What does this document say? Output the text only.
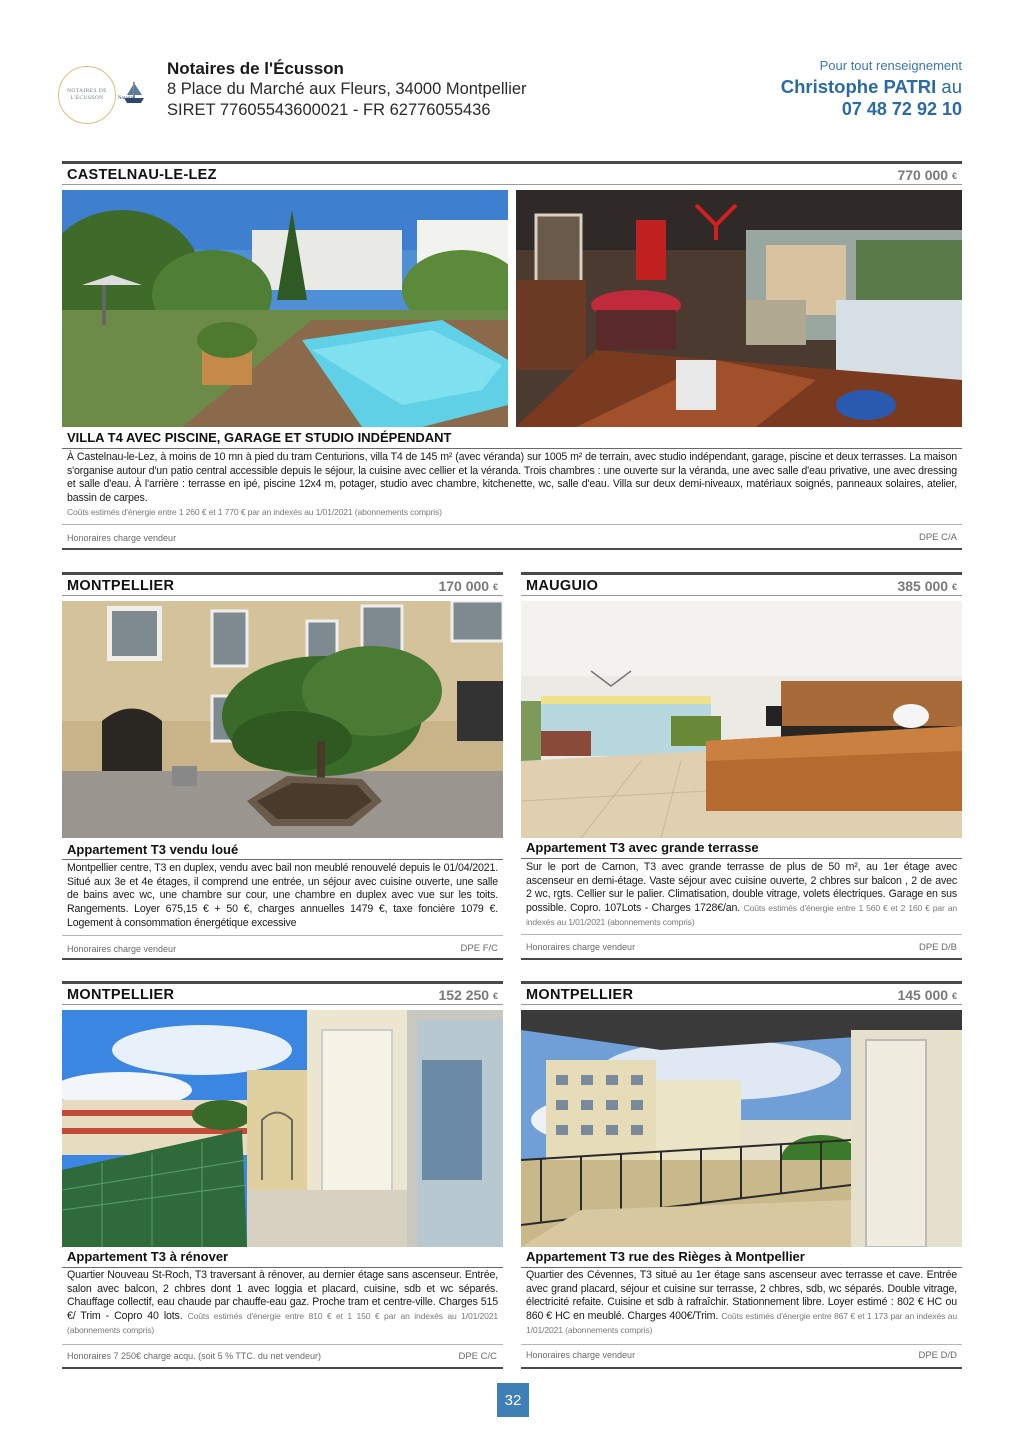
NOTAIRES DE L'ÉCUSSON	Notaires
Notaires de l'Écusson
8 Place du Marché aux Fleurs, 34000 Montpellier
SIRET 77605543600021 - FR 62776055436
Pour tout renseignement
Christophe PATRI au
07 48 72 92 10
CASTELNAU-LE-LEZ	770 000 €
VILLA T4 AVEC PISCINE, GARAGE ET STUDIO INDÉPENDANT
À Castelnau-le-Lez, à moins de 10 mn à pied du tram Centurions, villa T4 de 145 m² (avec véranda) sur 1005 m² de terrain, avec studio indépendant, garage, piscine et deux terrasses. La maison s'organise autour d'un patio central accessible depuis le séjour, la cuisine avec cellier et la véranda. Trois chambres : une ouverte sur la véranda, une avec salle d'eau privative, une avec dressing et salle d'eau. À l'arrière : terrasse en ipé, piscine 12x4 m, potager, studio avec chambre, kitchenette, wc, salle d'eau. Villa sur deux demi-niveaux, matériaux soignés, panneaux solaires, atelier, bassin de carpes.
Coûts estimés d'énergie entre 1 260 € et 1 770 € par an indexés au 1/01/2021 (abonnements compris)
Honoraires charge vendeur	DPE C/A
MONTPELLIER	170 000 €
Appartement T3 vendu loué
Montpellier centre, T3 en duplex, vendu avec bail non meublé renouvelé depuis le 01/04/2021. Situé aux 3e et 4e étages, il comprend une entrée, un séjour avec cuisine ouverte, une salle de bains avec wc, une chambre sur cour, une chambre en duplex avec vue sur les toits. Rangements. Loyer 675,15 € + 50 €, charges annuelles 1479 €, taxe foncière 1079 €. Logement à consommation énergétique excessive
Honoraires charge vendeur	DPE F/C
MAUGUIO	385 000 €
Appartement T3 avec grande terrasse
Sur le port de Carnon, T3 avec grande terrasse de plus de 50 m², au 1er étage avec ascenseur en demi-étage. Vaste séjour avec cuisine ouverte, 2 chbres sur balcon , 2 de avec 2 wc, rgts. Cellier sur le palier. Climatisation, double vitrage, volets électriques. Garage en sus possible. Copro. 107Lots - Charges 1728€/an. Coûts estimés d'énergie entre 1 560 € et 2 160 € par an indexés au 1/01/2021 (abonnements compris)
Honoraires charge vendeur	DPE D/B
MONTPELLIER	152 250 €
Appartement T3 à rénover
Quartier Nouveau St-Roch, T3 traversant à rénover, au dernier étage sans ascenseur. Entrée, salon avec balcon, 2 chbres dont 1 avec loggia et placard, cuisine, sdb et wc séparés. Chauffage collectif, eau chaude par chauffe-eau gaz. Proche tram et centre-ville. Charges 515 €/ Trim - Copro 40 lots. Coûts estimés d'énergie entre 810 € et 1 150 € par an indexés au 1/01/2021 (abonnements compris)
Honoraires 7 250€ charge acqu. (soit 5 % TTC. du net vendeur)	DPE C/C
MONTPELLIER	145 000 €
Appartement T3 rue des Rièges à Montpellier
Quartier des Cévennes, T3 situé au 1er étage sans ascenseur avec terrasse et cave. Entrée avec grand placard, séjour et cuisine sur terrasse, 2 chbres, sdb, wc séparés. Double vitrage, électricité refaite. Cuisine et sdb à rafraîchir. Stationnement libre. Loyer estimé : 802 € HC ou 860 € HC en meublé. Charges 400€/Trim. Coûts estimés d'énergie entre 867 € et 1 173 par an indexés au 1/01/2021 (abonnements compris)
Honoraires charge vendeur	DPE D/D
32
